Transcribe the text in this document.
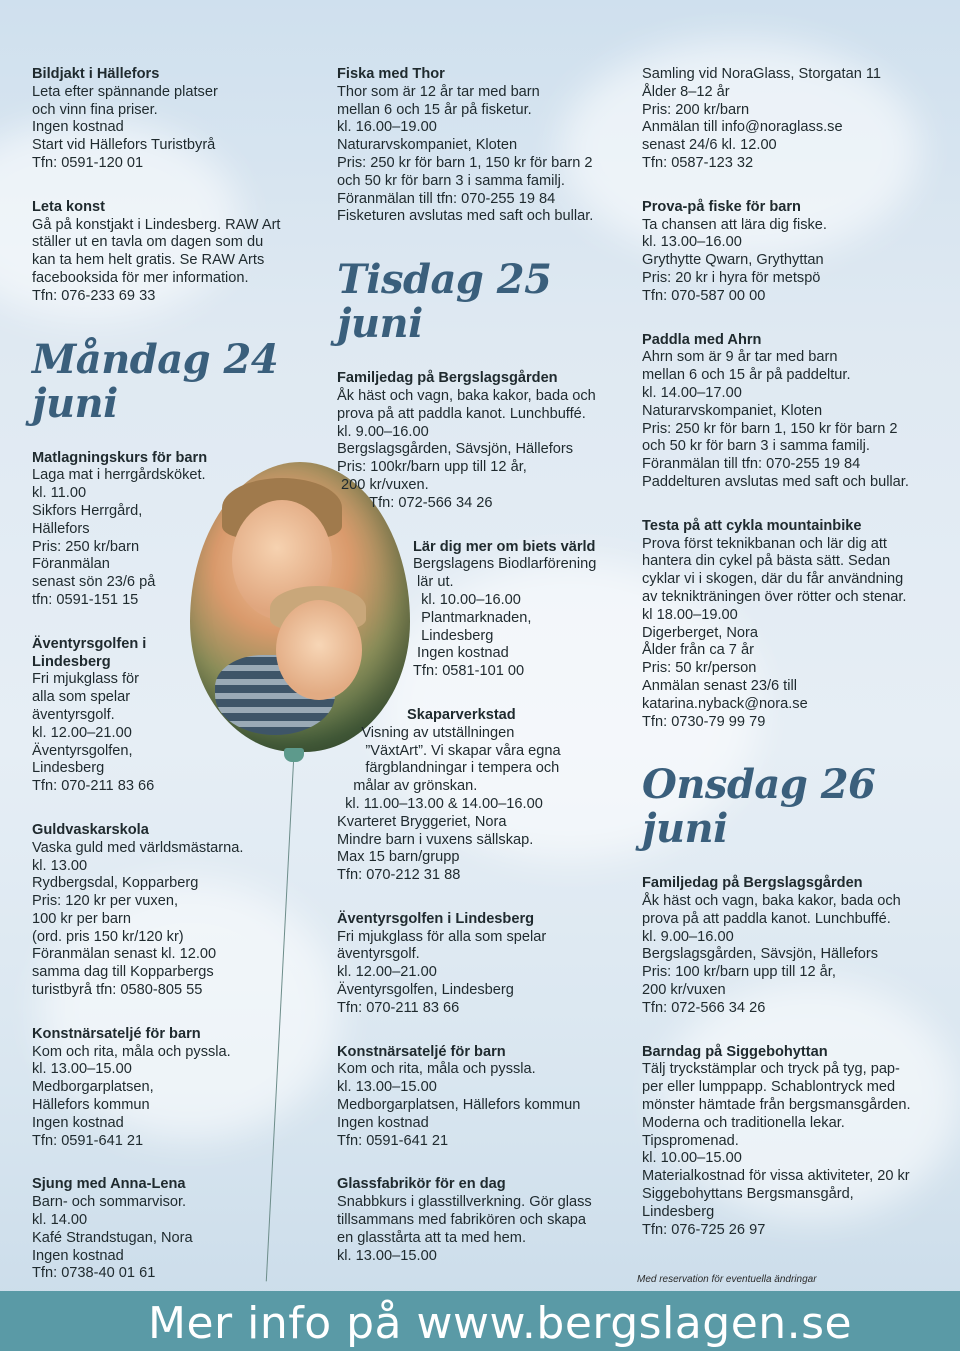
Bildjakt i Hällefors
Leta efter spännande platser
och vinn fina priser.
Ingen kostnad
Start vid Hällefors Turistbyrå
Tfn: 0591-120 01
Leta konst
Gå på konstjakt i Lindesberg. RAW Art
ställer ut en tavla om dagen som du
kan ta hem helt gratis. Se RAW Arts
facebooksida för mer information.
Tfn: 076-233 69 33
Måndag 24 juni
Matlagningskurs för barn
Laga mat i herrgårdsköket.
kl. 11.00
Sikfors Herrgård,
Hällefors
Pris: 250 kr/barn
Föranmälan
senast sön 23/6 på
tfn: 0591-151 15
Äventyrsgolfen i
Lindesberg
Fri mjukglass för
alla som spelar
äventyrsgolf.
kl. 12.00–21.00
Äventyrsgolfen,
Lindesberg
Tfn: 070-211 83 66
Guldvaskarskola
Vaska guld med världsmästarna.
kl. 13.00
Rydbergsdal, Kopparberg
Pris: 120 kr per vuxen,
100 kr per barn
(ord. pris 150 kr/120 kr)
Föranmälan senast kl. 12.00
samma dag till Kopparbergs
turistbyrå tfn: 0580-805 55
Konstnärsateljé för barn
Kom och rita, måla och pyssla.
kl. 13.00–15.00
Medborgarplatsen,
Hällefors kommun
Ingen kostnad
Tfn: 0591-641 21
Sjung med Anna-Lena
Barn- och sommarvisor.
kl. 14.00
Kafé Strandstugan, Nora
Ingen kostnad
Tfn: 0738-40 01 61
Fiska med Thor
Thor som är 12 år tar med barn
mellan 6 och 15 år på fisketur.
kl. 16.00–19.00
Naturarvskompaniet, Kloten
Pris: 250 kr för barn 1, 150 kr för barn 2
och 50 kr för barn 3 i samma familj.
Föranmälan till tfn: 070-255 19 84
Fisketuren avslutas med saft och bullar.
Tisdag 25 juni
Familjedag på Bergslagsgården
Åk häst och vagn, baka kakor, bada och
prova på att paddla kanot. Lunchbuffé.
kl. 9.00–16.00
Bergslagsgården, Sävsjön, Hällefors
Pris: 100kr/barn upp till 12 år,
200 kr/vuxen.
Tfn: 072-566 34 26
Lär dig mer om biets värld
Bergslagens Biodlarförening
lär ut.
kl. 10.00–16.00
Plantmarknaden,
Lindesberg
Ingen kostnad
Tfn: 0581-101 00
Skaparverkstad
Visning av utställningen
”VäxtArt”. Vi skapar våra egna
färgblandningar i tempera och
målar av grönskan.
kl. 11.00–13.00 & 14.00–16.00
Kvarteret Bryggeriet, Nora
Mindre barn i vuxens sällskap.
Max 15 barn/grupp
Tfn: 070-212 31 88
Äventyrsgolfen i Lindesberg
Fri mjukglass för alla som spelar
äventyrsgolf.
kl. 12.00–21.00
Äventyrsgolfen, Lindesberg
Tfn: 070-211 83 66
Konstnärsateljé för barn
Kom och rita, måla och pyssla.
kl. 13.00–15.00
Medborgarplatsen, Hällefors kommun
Ingen kostnad
Tfn: 0591-641 21
Glassfabrikör för en dag
Snabbkurs i glasstillverkning. Gör glass
tillsammans med fabrikören och skapa
en glasstårta att ta med hem.
kl. 13.00–15.00
Samling vid NoraGlass, Storgatan 11
Ålder 8–12 år
Pris: 200 kr/barn
Anmälan till info@noraglass.se
senast 24/6 kl. 12.00
Tfn: 0587-123 32
Prova-på fiske för barn
Ta chansen att lära dig fiske.
kl. 13.00–16.00
Grythytte Qwarn, Grythyttan
Pris: 20 kr i hyra för metspö
Tfn: 070-587 00 00
Paddla med Ahrn
Ahrn som är 9 år tar med barn
mellan 6 och 15 år på paddeltur.
kl. 14.00–17.00
Naturarvskompaniet, Kloten
Pris: 250 kr för barn 1, 150 kr för barn 2
och 50 kr för barn 3 i samma familj.
Föranmälan till tfn: 070-255 19 84
Paddelturen avslutas med saft och bullar.
Testa på att cykla mountainbike
Prova först teknikbanan och lär dig att
hantera din cykel på bästa sätt. Sedan
cyklar vi i skogen, där du får användning
av teknikträningen över rötter och stenar.
kl 18.00–19.00
Digerberget, Nora
Ålder från ca 7 år
Pris: 50 kr/person
Anmälan senast 23/6 till
katarina.nyback@nora.se
Tfn: 0730-79 99 79
Onsdag 26 juni
Familjedag på Bergslagsgården
Åk häst och vagn, baka kakor, bada och
prova på att paddla kanot. Lunchbuffé.
kl. 9.00–16.00
Bergslagsgården, Sävsjön, Hällefors
Pris: 100 kr/barn upp till 12 år,
200 kr/vuxen
Tfn: 072-566 34 26
Barndag på Siggebohyttan
Tälj tryckstämplar och tryck på tyg, pap-
per eller lumppapp. Schablontryck med
mönster hämtade från bergsmansgården.
Moderna och traditionella lekar.
Tipspromenad.
kl. 10.00–15.00
Materialkostnad för vissa aktiviteter, 20 kr
Siggebohyttans Bergsmansgård,
Lindesberg
Tfn: 076-725 26 97
Med reservation för eventuella ändringar
Mer info på www.bergslagen.se
